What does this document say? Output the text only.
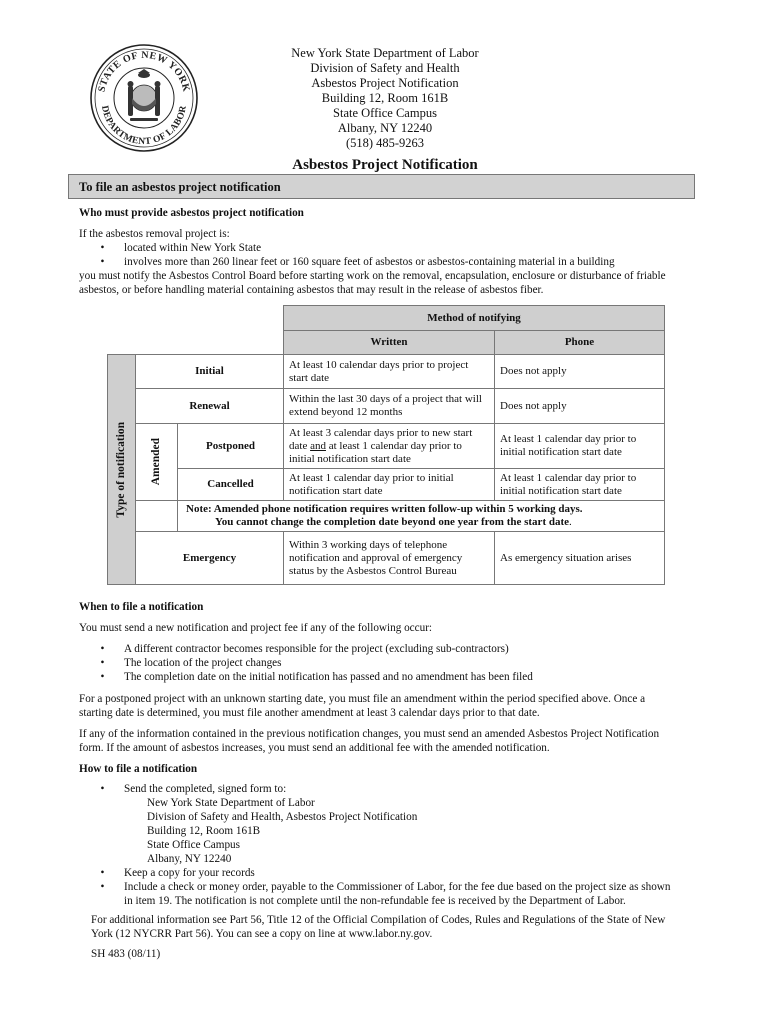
STATE OF NEW YORK
DEPARTMENT OF LABOR
New York State Department of Labor
Division of Safety and Health
Asbestos Project Notification
Building 12, Room 161B
State Office Campus
Albany, NY 12240
(518) 485-9263
Asbestos Project Notification
To file an asbestos project notification
Who must provide asbestos project notification
If the asbestos removal project is:
• located within New York State
• involves more than 260 linear feet or 160 square feet of asbestos or asbestos-containing material in a building
you must notify the Asbestos Control Board before starting work on the removal, encapsulation, enclosure or disturbance of friable
asbestos, or before handling material containing asbestos that may result in the release of asbestos fiber.
Method of notifying
Written	Phone
Type of notification
Initial
At least 10 calendar days prior to project start date
Does not apply
Renewal
Within the last 30 days of a project that will extend beyond 12 months
Does not apply
Amended	Postponed
At least 3 calendar days prior to new start date and at least 1 calendar day prior to initial notification start date
At least 1 calendar day prior to initial notification start date
Cancelled
At least 1 calendar day prior to initial notification start date
At least 1 calendar day prior to initial notification start date
Note: Amended phone notification requires written follow-up within 5 working days.
You cannot change the completion date beyond one year from the start date.
Emergency
Within 3 working days of telephone notification and approval of emergency status by the Asbestos Control Bureau
As emergency situation arises
When to file a notification
You must send a new notification and project fee if any of the following occur:
• A different contractor becomes responsible for the project (excluding sub-contractors)
• The location of the project changes
• The completion date on the initial notification has passed and no amendment has been filed
For a postponed project with an unknown starting date, you must file an amendment within the period specified above. Once a
starting date is determined, you must file another amendment at least 3 calendar days prior to that date.
If any of the information contained in the previous notification changes, you must send an amended Asbestos Project Notification
form. If the amount of asbestos increases, you must send an additional fee with the amended notification.
How to file a notification
• Send the completed, signed form to:
New York State Department of Labor
Division of Safety and Health, Asbestos Project Notification
Building 12, Room 161B
State Office Campus
Albany, NY 12240
• Keep a copy for your records
• Include a check or money order, payable to the Commissioner of Labor, for the fee due based on the project size as shown
in item 19. The notification is not complete until the non-refundable fee is received by the Department of Labor.
For additional information see Part 56, Title 12 of the Official Compilation of Codes, Rules and Regulations of the State of New
York (12 NYCRR Part 56). You can see a copy on line at www.labor.ny.gov.
SH 483 (08/11)
